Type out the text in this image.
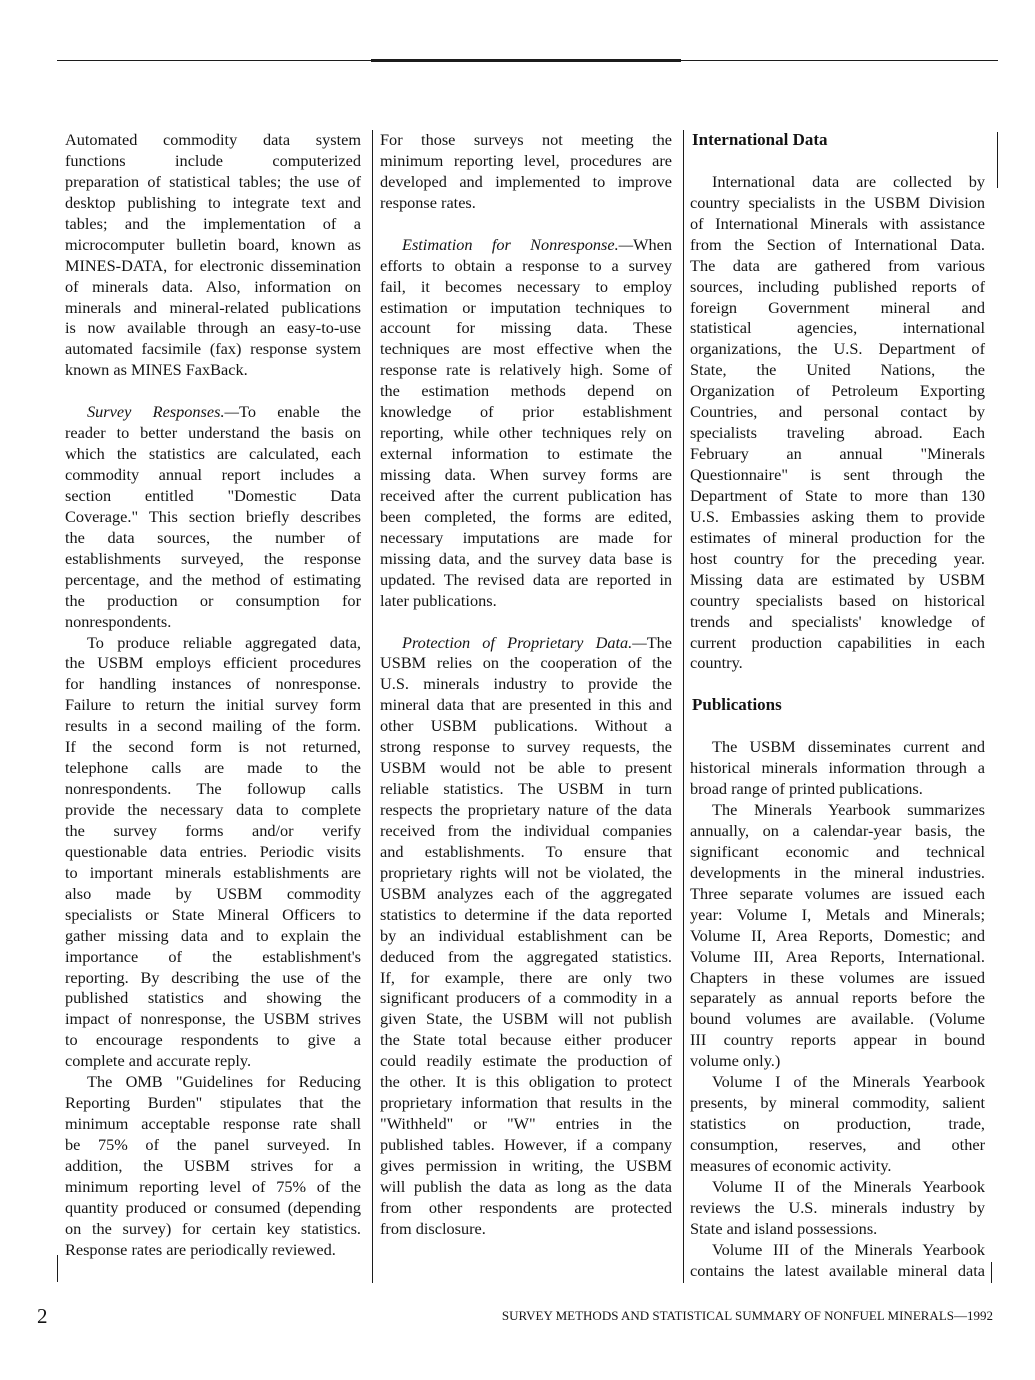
Automated commodity data system
functions include computerized
preparation of statistical tables; the use of
desktop publishing to integrate text and
tables; and the implementation of a
microcomputer bulletin board, known as
MINES-DATA, for electronic dissemination
of minerals data. Also, information on
minerals and mineral-related publications
is now available through an easy-to-use
automated facsimile (fax) response system
known as MINES FaxBack.
Survey Responses.—To enable the
reader to better understand the basis on
which the statistics are calculated, each
commodity annual report includes a
section entitled "Domestic Data
Coverage." This section briefly describes
the data sources, the number of
establishments surveyed, the response
percentage, and the method of estimating
the production or consumption for
nonrespondents.
To produce reliable aggregated data,
the USBM employs efficient procedures
for handling instances of nonresponse.
Failure to return the initial survey form
results in a second mailing of the form.
If the second form is not returned,
telephone calls are made to the
nonrespondents. The followup calls
provide the necessary data to complete
the survey forms and/or verify
questionable data entries. Periodic visits
to important minerals establishments are
also made by USBM commodity
specialists or State Mineral Officers to
gather missing data and to explain the
importance of the establishment's
reporting. By describing the use of the
published statistics and showing the
impact of nonresponse, the USBM strives
to encourage respondents to give a
complete and accurate reply.
The OMB "Guidelines for Reducing
Reporting Burden" stipulates that the
minimum acceptable response rate shall
be 75% of the panel surveyed. In
addition, the USBM strives for a
minimum reporting level of 75% of the
quantity produced or consumed (depending
on the survey) for certain key statistics.
Response rates are periodically reviewed.
For those surveys not meeting the
minimum reporting level, procedures are
developed and implemented to improve
response rates.
Estimation for Nonresponse.—When
efforts to obtain a response to a survey
fail, it becomes necessary to employ
estimation or imputation techniques to
account for missing data. These
techniques are most effective when the
response rate is relatively high. Some of
the estimation methods depend on
knowledge of prior establishment
reporting, while other techniques rely on
external information to estimate the
missing data. When survey forms are
received after the current publication has
been completed, the forms are edited,
necessary imputations are made for
missing data, and the survey data base is
updated. The revised data are reported in
later publications.
Protection of Proprietary Data.—The
USBM relies on the cooperation of the
U.S. minerals industry to provide the
mineral data that are presented in this and
other USBM publications. Without a
strong response to survey requests, the
USBM would not be able to present
reliable statistics. The USBM in turn
respects the proprietary nature of the data
received from the individual companies
and establishments. To ensure that
proprietary rights will not be violated, the
USBM analyzes each of the aggregated
statistics to determine if the data reported
by an individual establishment can be
deduced from the aggregated statistics.
If, for example, there are only two
significant producers of a commodity in a
given State, the USBM will not publish
the State total because either producer
could readily estimate the production of
the other. It is this obligation to protect
proprietary information that results in the
"Withheld" or "W" entries in the
published tables. However, if a company
gives permission in writing, the USBM
will publish the data as long as the data
from other respondents are protected
from disclosure.
International Data
International data are collected by
country specialists in the USBM Division
of International Minerals with assistance
from the Section of International Data.
The data are gathered from various
sources, including published reports of
foreign Government mineral and
statistical agencies, international
organizations, the U.S. Department of
State, the United Nations, the
Organization of Petroleum Exporting
Countries, and personal contact by
specialists traveling abroad. Each
February an annual "Minerals
Questionnaire" is sent through the
Department of State to more than 130
U.S. Embassies asking them to provide
estimates of mineral production for the
host country for the preceding year.
Missing data are estimated by USBM
country specialists based on historical
trends and specialists' knowledge of
current production capabilities in each
country.
Publications
The USBM disseminates current and
historical minerals information through a
broad range of printed publications.
The Minerals Yearbook summarizes
annually, on a calendar-year basis, the
significant economic and technical
developments in the mineral industries.
Three separate volumes are issued each
year: Volume I, Metals and Minerals;
Volume II, Area Reports, Domestic; and
Volume III, Area Reports, International.
Chapters in these volumes are issued
separately as annual reports before the
bound volumes are available. (Volume
III country reports appear in bound
volume only.)
Volume I of the Minerals Yearbook
presents, by mineral commodity, salient
statistics on production, trade,
consumption, reserves, and other
measures of economic activity.
Volume II of the Minerals Yearbook
reviews the U.S. minerals industry by
State and island possessions.
Volume III of the Minerals Yearbook
contains the latest available mineral data
2	SURVEY METHODS AND STATISTICAL SUMMARY OF NONFUEL MINERALS—1992
